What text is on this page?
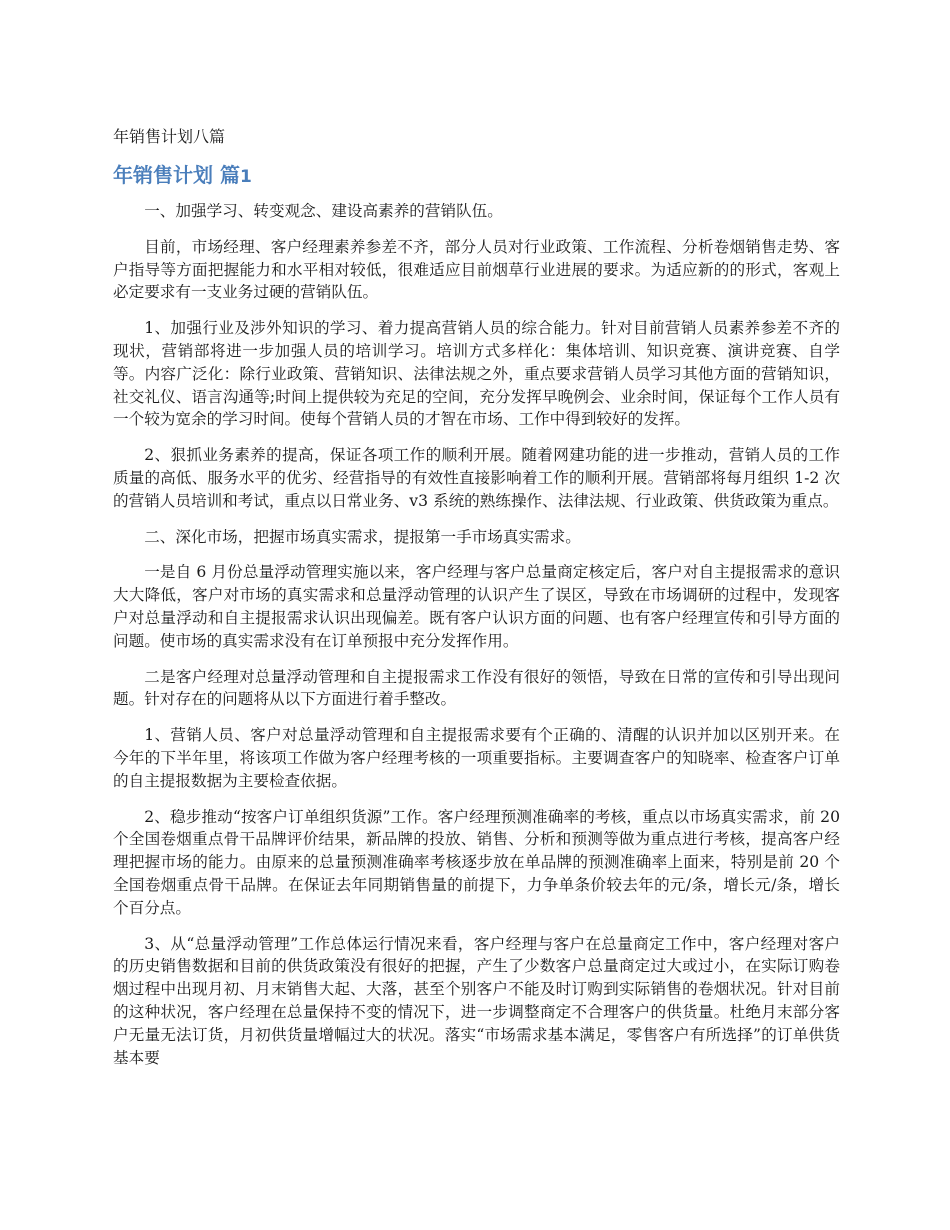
年销售计划八篇
年销售计划 篇1

一、加强学习、转变观念、建设高素养的营销队伍。

目前，市场经理、客户经理素养参差不齐，部分人员对行业政策、工作流程、分析卷烟销售走势、客户指导等方面把握能力和水平相对较低，很难适应目前烟草行业进展的要求。为适应新的的形式，客观上必定要求有一支业务过硬的营销队伍。

1、加强行业及涉外知识的学习、着力提高营销人员的综合能力。针对目前营销人员素养参差不齐的现状，营销部将进一步加强人员的培训学习。培训方式多样化：集体培训、知识竞赛、演讲竞赛、自学等。内容广泛化：除行业政策、营销知识、法律法规之外，重点要求营销人员学习其他方面的营销知识，社交礼仪、语言沟通等;时间上提供较为充足的空间，充分发挥早晚例会、业余时间，保证每个工作人员有一个较为宽余的学习时间。使每个营销人员的才智在市场、工作中得到较好的发挥。

2、狠抓业务素养的提高，保证各项工作的顺利开展。随着网建功能的进一步推动，营销人员的工作质量的高低、服务水平的优劣、经营指导的有效性直接影响着工作的顺利开展。营销部将每月组织 1-2 次的营销人员培训和考试，重点以日常业务、v3 系统的熟练操作、法律法规、行业政策、供货政策为重点。

二、深化市场，把握市场真实需求，提报第一手市场真实需求。

一是自 6 月份总量浮动管理实施以来，客户经理与客户总量商定核定后，客户对自主提报需求的意识大大降低，客户对市场的真实需求和总量浮动管理的认识产生了误区，导致在市场调研的过程中，发现客户对总量浮动和自主提报需求认识出现偏差。既有客户认识方面的问题、也有客户经理宣传和引导方面的问题。使市场的真实需求没有在订单预报中充分发挥作用。

二是客户经理对总量浮动管理和自主提报需求工作没有很好的领悟，导致在日常的宣传和引导出现问题。针对存在的问题将从以下方面进行着手整改。

1、营销人员、客户对总量浮动管理和自主提报需求要有个正确的、清醒的认识并加以区别开来。在今年的下半年里，将该项工作做为客户经理考核的一项重要指标。主要调查客户的知晓率、检查客户订单的自主提报数据为主要检查依据。

2、稳步推动“按客户订单组织货源”工作。客户经理预测准确率的考核，重点以市场真实需求，前 20 个全国卷烟重点骨干品牌评价结果，新品牌的投放、销售、分析和预测等做为重点进行考核，提高客户经理把握市场的能力。由原来的总量预测准确率考核逐步放在单品牌的预测准确率上面来，特别是前 20 个全国卷烟重点骨干品牌。在保证去年同期销售量的前提下，力争单条价较去年的元/条，增长元/条，增长个百分点。

3、从“总量浮动管理”工作总体运行情况来看，客户经理与客户在总量商定工作中，客户经理对客户的历史销售数据和目前的供货政策没有很好的把握，产生了少数客户总量商定过大或过小，在实际订购卷烟过程中出现月初、月末销售大起、大落，甚至个别客户不能及时订购到实际销售的卷烟状况。针对目前的这种状况，客户经理在总量保持不变的情况下，进一步调整商定不合理客户的供货量。杜绝月末部分客户无量无法订货，月初供货量增幅过大的状况。落实“市场需求基本满足，零售客户有所选择”的订单供货基本要
